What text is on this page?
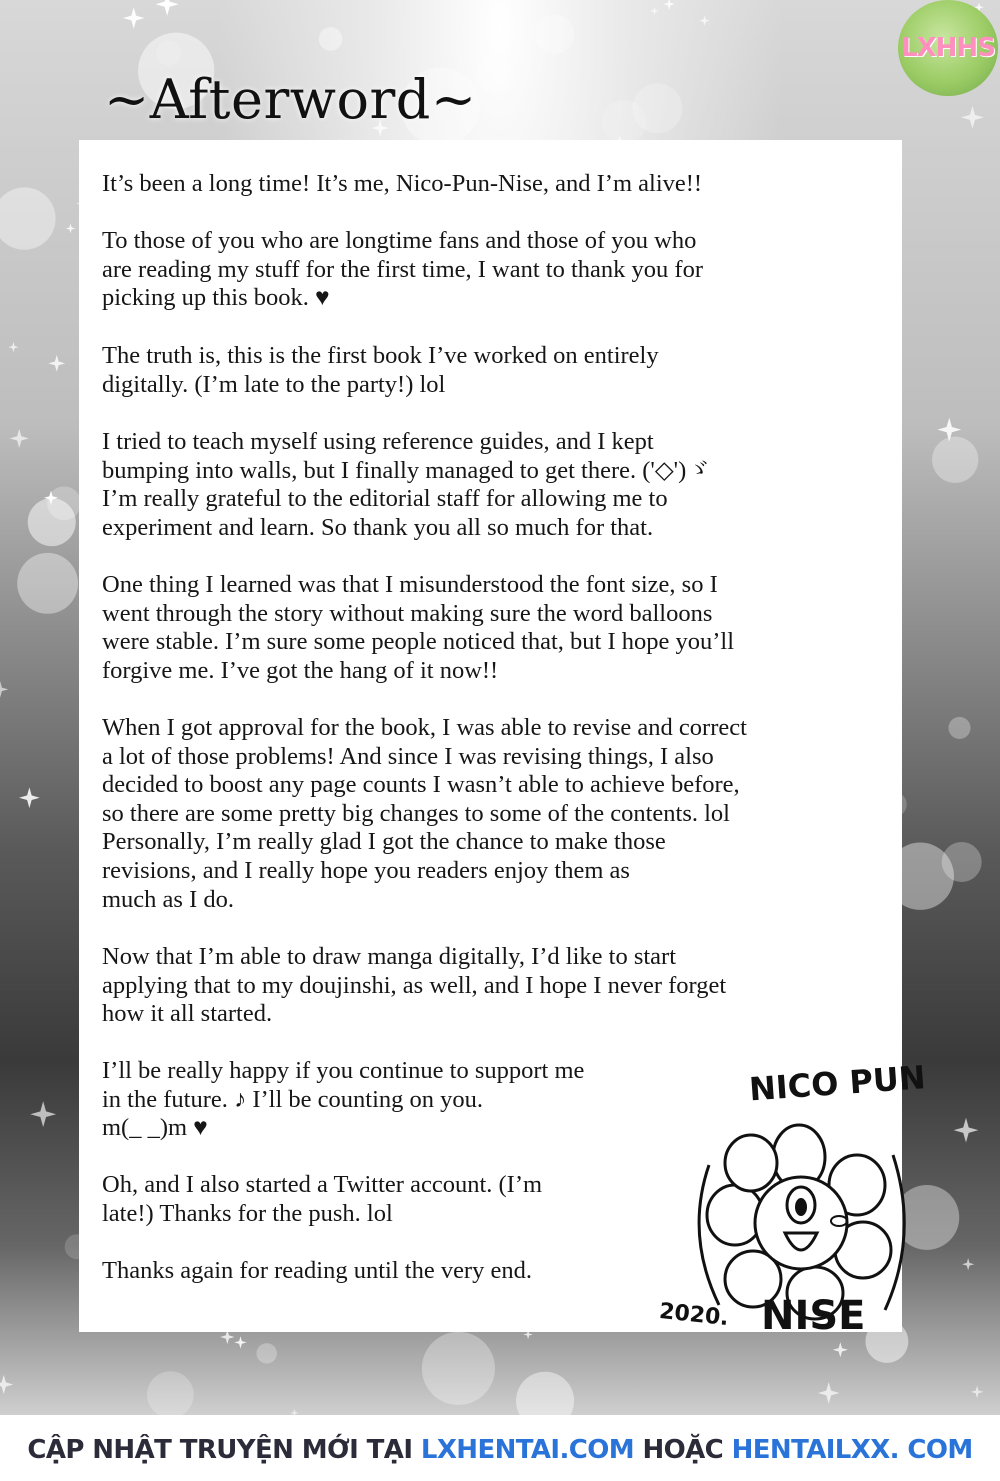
LXHHS
~Afterword~

It’s been a long time! It’s me, Nico-Pun-Nise, and I’m alive!!

To those of you who are longtime fans and those of you who
are reading my stuff for the first time, I want to thank you for
picking up this book. ♥

The truth is, this is the first book I’ve worked on entirely
digitally. (I’m late to the party!) lol

I tried to teach myself using reference guides, and I kept
bumping into walls, but I finally managed to get there. ('◇')ゞ
I’m really grateful to the editorial staff for allowing me to
experiment and learn. So thank you all so much for that.

One thing I learned was that I misunderstood the font size, so I
went through the story without making sure the word balloons
were stable. I’m sure some people noticed that, but I hope you’ll
forgive me. I’ve got the hang of it now!!

When I got approval for the book, I was able to revise and correct
a lot of those problems! And since I was revising things, I also
decided to boost any page counts I wasn’t able to achieve before,
so there are some pretty big changes to some of the contents. lol
Personally, I’m really glad I got the chance to make those
revisions, and I really hope you readers enjoy them as
much as I do.

Now that I’m able to draw manga digitally, I’d like to start
applying that to my doujinshi, as well, and I hope I never forget
how it all started.

I’ll be really happy if you continue to support me
in the future. ♪ I’ll be counting on you.
m(_ _)m ♥

Oh, and I also started a Twitter account. (I’m
late!) Thanks for the push. lol

Thanks again for reading until the very end.

NICO PUN
2020. NISE
CẬP NHẬT TRUYỆN MỚI TẠI LXHENTAI.COM HOẶC HENTAILXX. COM
